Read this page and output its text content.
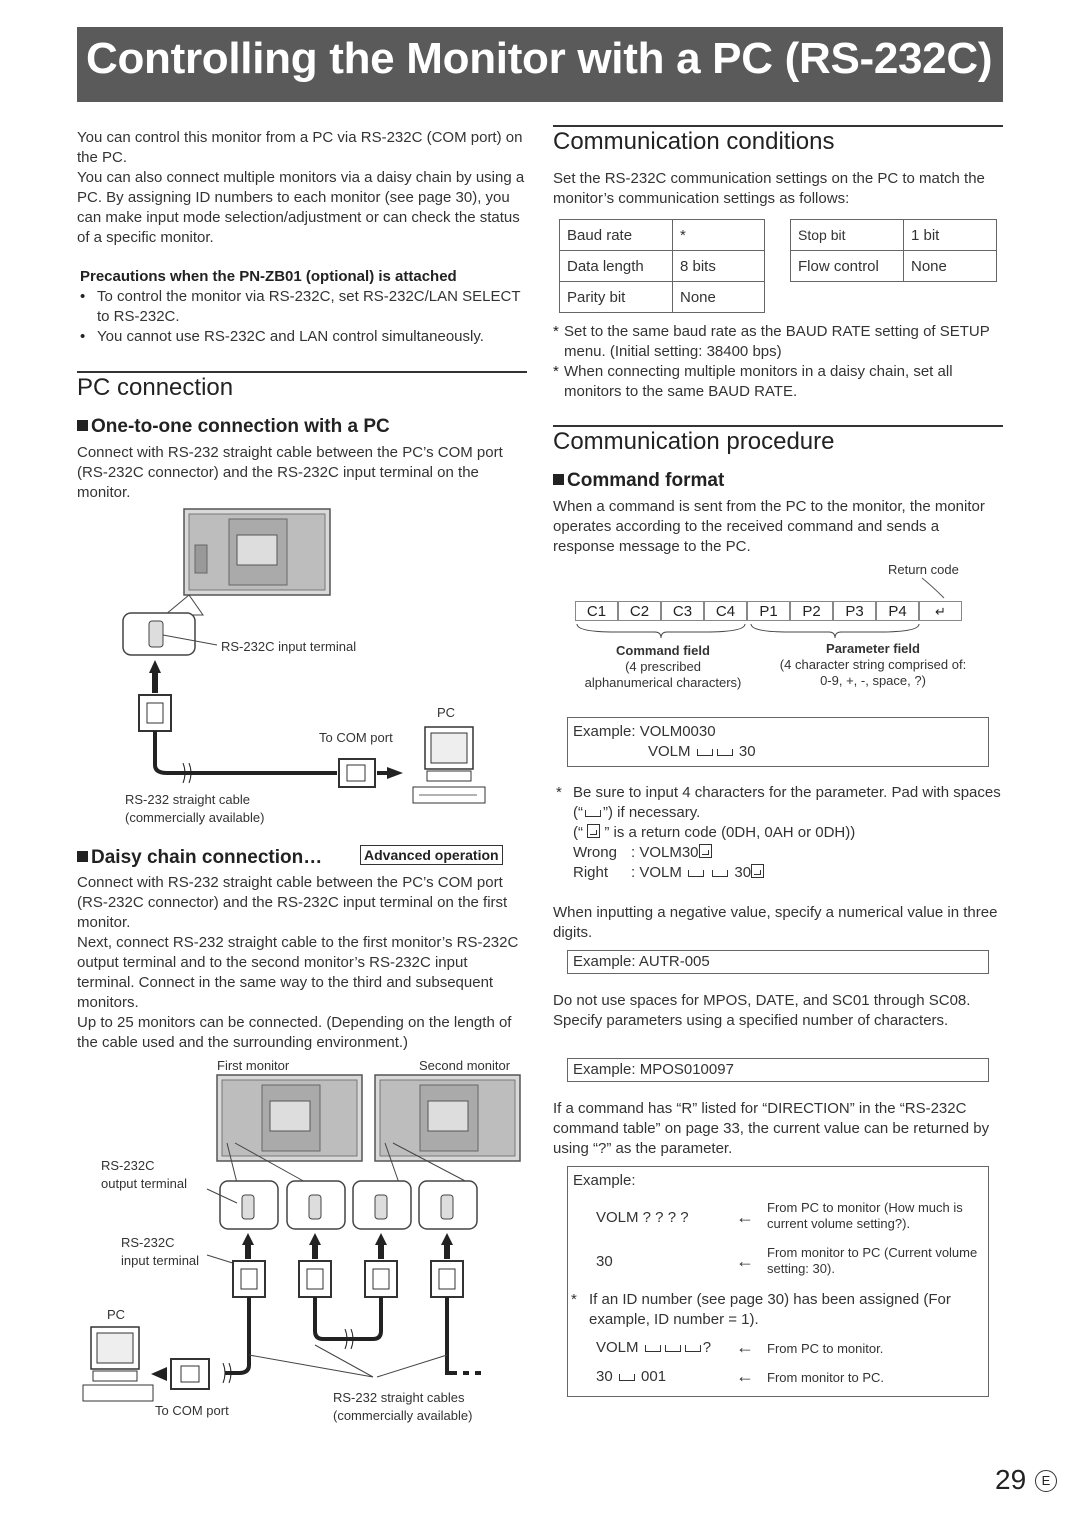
Controlling the Monitor with a PC (RS-232C)

You can control this monitor from a PC via RS-232C (COM port) on the PC.

You can also connect multiple monitors via a daisy chain by using a PC. By assigning ID numbers to each monitor (see page 30), you can make input mode selection/adjustment or can check the status of a specific monitor.

Precautions when the PN-ZB01 (optional) is attached

• To control the monitor via RS-232C, set RS-232C/LAN SELECT to RS-232C.

• You cannot use RS-232C and LAN control simultaneously.

PC connection
One-to-one connection with a PC

Connect with RS-232 straight cable between the PC’s COM port (RS-232C connector) and the RS-232C input terminal on the monitor.

RS-232C input terminal
PC
To COM port
RS-232 straight cable
(commercially available)
Daisy chain connection…	Advanced operation

Connect with RS-232 straight cable between the PC’s COM port (RS-232C connector) and the RS-232C input terminal on the first monitor.

Next, connect RS-232 straight cable to the first monitor’s RS-232C output terminal and to the second monitor’s RS-232C input terminal. Connect in the same way to the third and subsequent monitors.

Up to 25 monitors can be connected. (Depending on the length of the cable used and the surrounding environment.)

First monitor	Second monitor
RS-232C
output terminal
RS-232C
input terminal
PC
To COM port
RS-232 straight cables
(commercially available)
Communication conditions

Set the RS-232C communication settings on the PC to match the monitor’s communication settings as follows:

Baud rate	*
Data length	8 bits
Parity bit	None
Stop bit	1 bit
Flow control	None
* Set to the same baud rate as the BAUD RATE setting of SETUP menu. (Initial setting: 38400 bps)

* When connecting multiple monitors in a daisy chain, set all monitors to the same BAUD RATE.

Communication procedure
Command format

When a command is sent from the PC to the monitor, the monitor operates according to the received command and sends a response message to the PC.

Return code
C1 C2 C3 C4 P1 P2 P3 P4 ↵
Command field
(4 prescribed
alphanumerical characters)
Parameter field
(4 character string comprised of:
0-9, +, -, space, ?)
Example: VOLM0030
VOLM	30
* Be sure to input 4 characters for the parameter. Pad with spaces (“ ”) if necessary.
(“  ” is a return code (0DH, 0AH or 0DH))
Wrong : VOLM30
Right : VOLM	30

When inputting a negative value, specify a numerical value in three digits.

Example: AUTR-005

Do not use spaces for MPOS, DATE, and SC01 through SC08. Specify parameters using a specified number of characters.

Example: MPOS010097

If a command has “R” listed for “DIRECTION” in the “RS-232C command table” on page 33, the current value can be returned by using “?” as the parameter.

Example:
VOLM ? ? ? ?	← From PC to monitor (How much is current volume setting?).
30	← From monitor to PC (Current volume setting: 30).
* If an ID number (see page 30) has been assigned (For example, ID number = 1).
VOLM	? ← From PC to monitor.
30 001	← From monitor to PC.
29	E
